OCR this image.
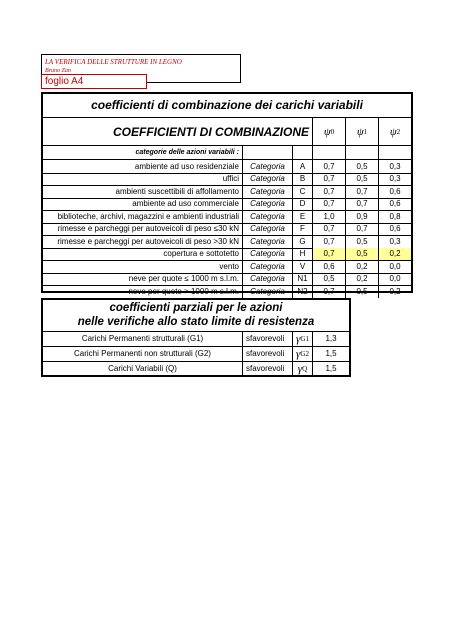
LA VERIFICA DELLE STRUTTURE IN LEGNO
Bruno Zan
foglio A4
coefficienti di combinazione dei carichi variabili
COEFFICIENTI DI COMBINAZIONE	ψ 0 ψ 1 ψ 2
categorie delle azioni variabili :
ambiente ad uso residenziale	Categoria	A	0,7	0,5	0,3
uffici	Categoria	B	0,7	0,5	0,3
ambienti suscettibili di affollamento	Categoria	C	0,7	0,7	0,6
ambiente ad uso commerciale	Categoria	D	0,7	0,7	0,6
biblioteche, archivi, magazzini e ambienti industriali	Categoria	E	1,0	0,9	0,8
rimesse e parcheggi per autoveicoli di peso ≤30 kN	Categoria	F	0,7	0,7	0,6
rimesse e parcheggi per autoveicoli di peso >30 kN	Categoria	G	0,7	0,5	0,3
copertura e sottotetto	Categoria	H	0,7	0,5	0,2
vento	Categoria	V	0,6	0,2	0,0
neve per quote ≤ 1000 m s.l.m.	Categoria	N1	0,5	0,2	0,0
neve per quote > 1000 m s.l.m.	Categoria	N2	0,7	0,5	0,2
coefficienti parziali per le azioni
nelle verifiche allo stato limite di resistenza
Carichi Permanenti strutturali (G1)	sfavorevoli	γ G1	1,3
Carichi Permanenti non strutturali (G2)	sfavorevoli	γ G2	1,5
Carichi Variabili (Q)	sfavorevoli	γ Q	1,5
